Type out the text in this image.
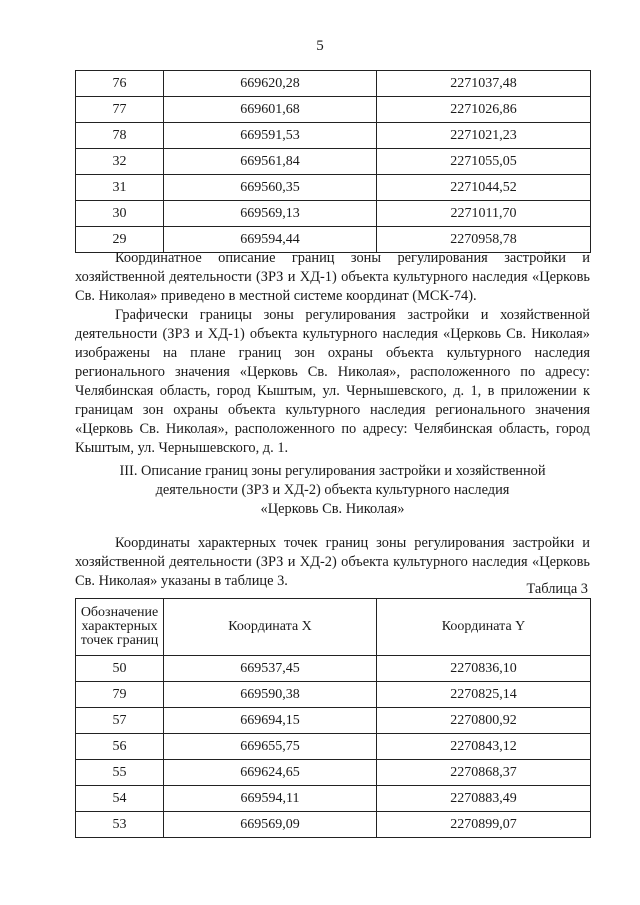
5
76	669620,28	2271037,48
77	669601,68	2271026,86
78	669591,53	2271021,23
32	669561,84	2271055,05
31	669560,35	2271044,52
30	669569,13	2271011,70
29	669594,44	2270958,78

Координатное описание границ зоны регулирования застройки и хозяйственной деятельности (ЗРЗ и ХД-1) объекта культурного наследия «Церковь Св. Николая» приведено в местной системе координат (МСК-74).

Графически границы зоны регулирования застройки и хозяйственной деятельности (ЗРЗ и ХД-1) объекта культурного наследия «Церковь Св. Николая» изображены на плане границ зон охраны объекта культурного наследия регионального значения «Церковь Св. Николая», расположенного по адресу: Челябинская область, город Кыштым, ул. Чернышевского, д. 1, в приложении к границам зон охраны объекта культурного наследия регионального значения «Церковь Св. Николая», расположенного по адресу: Челябинская область, город Кыштым, ул. Чернышевского, д. 1.

III. Описание границ зоны регулирования застройки и хозяйственной
деятельности (ЗРЗ и ХД-2) объекта культурного наследия
«Церковь Св. Николая»

Координаты характерных точек границ зоны регулирования застройки и хозяйственной деятельности (ЗРЗ и ХД-2) объекта культурного наследия «Церковь Св. Николая» указаны в таблице 3.	Таблица 3
Обозначение характерных точек границ	Координата X	Координата Y
50	669537,45	2270836,10
79	669590,38	2270825,14
57	669694,15	2270800,92
56	669655,75	2270843,12
55	669624,65	2270868,37
54	669594,11	2270883,49
53	669569,09	2270899,07
